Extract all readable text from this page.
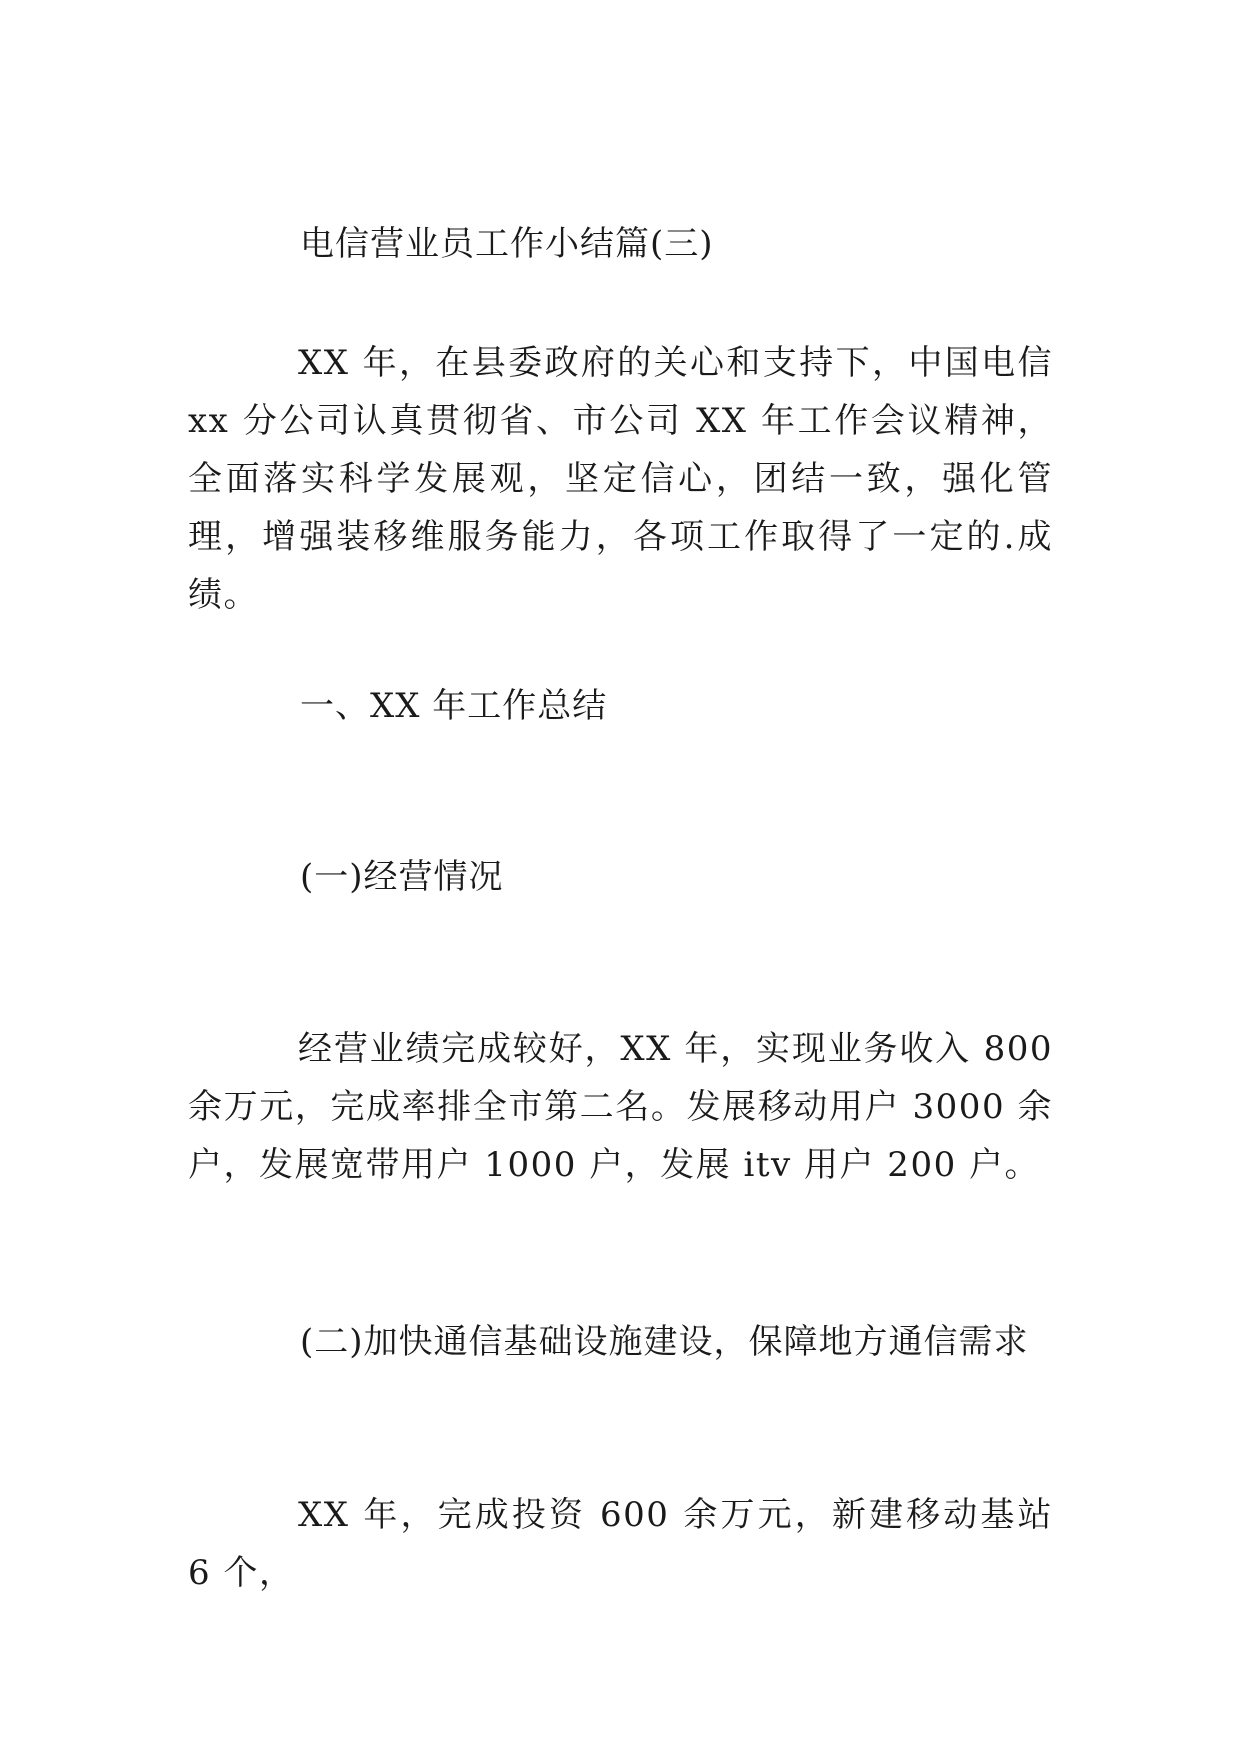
电信营业员工作小结篇(三)

XX 年，在县委政府的关心和支持下，中国电信 xx 分公司认真贯彻省、市公司 XX 年工作会议精神，全面落实科学发展观，坚定信心，团结一致，强化管理，增强装移维服务能力，各项工作取得了一定的.成绩。

一、XX 年工作总结
(一)经营情况

经营业绩完成较好，XX 年，实现业务收入 800 余万元，完成率排全市第二名。发展移动用户 3000 余户，发展宽带用户 1000 户，发展 itv 用户 200 户。

(二)加快通信基础设施建设，保障地方通信需求

XX 年，完成投资 600 余万元，新建移动基站 6 个，
